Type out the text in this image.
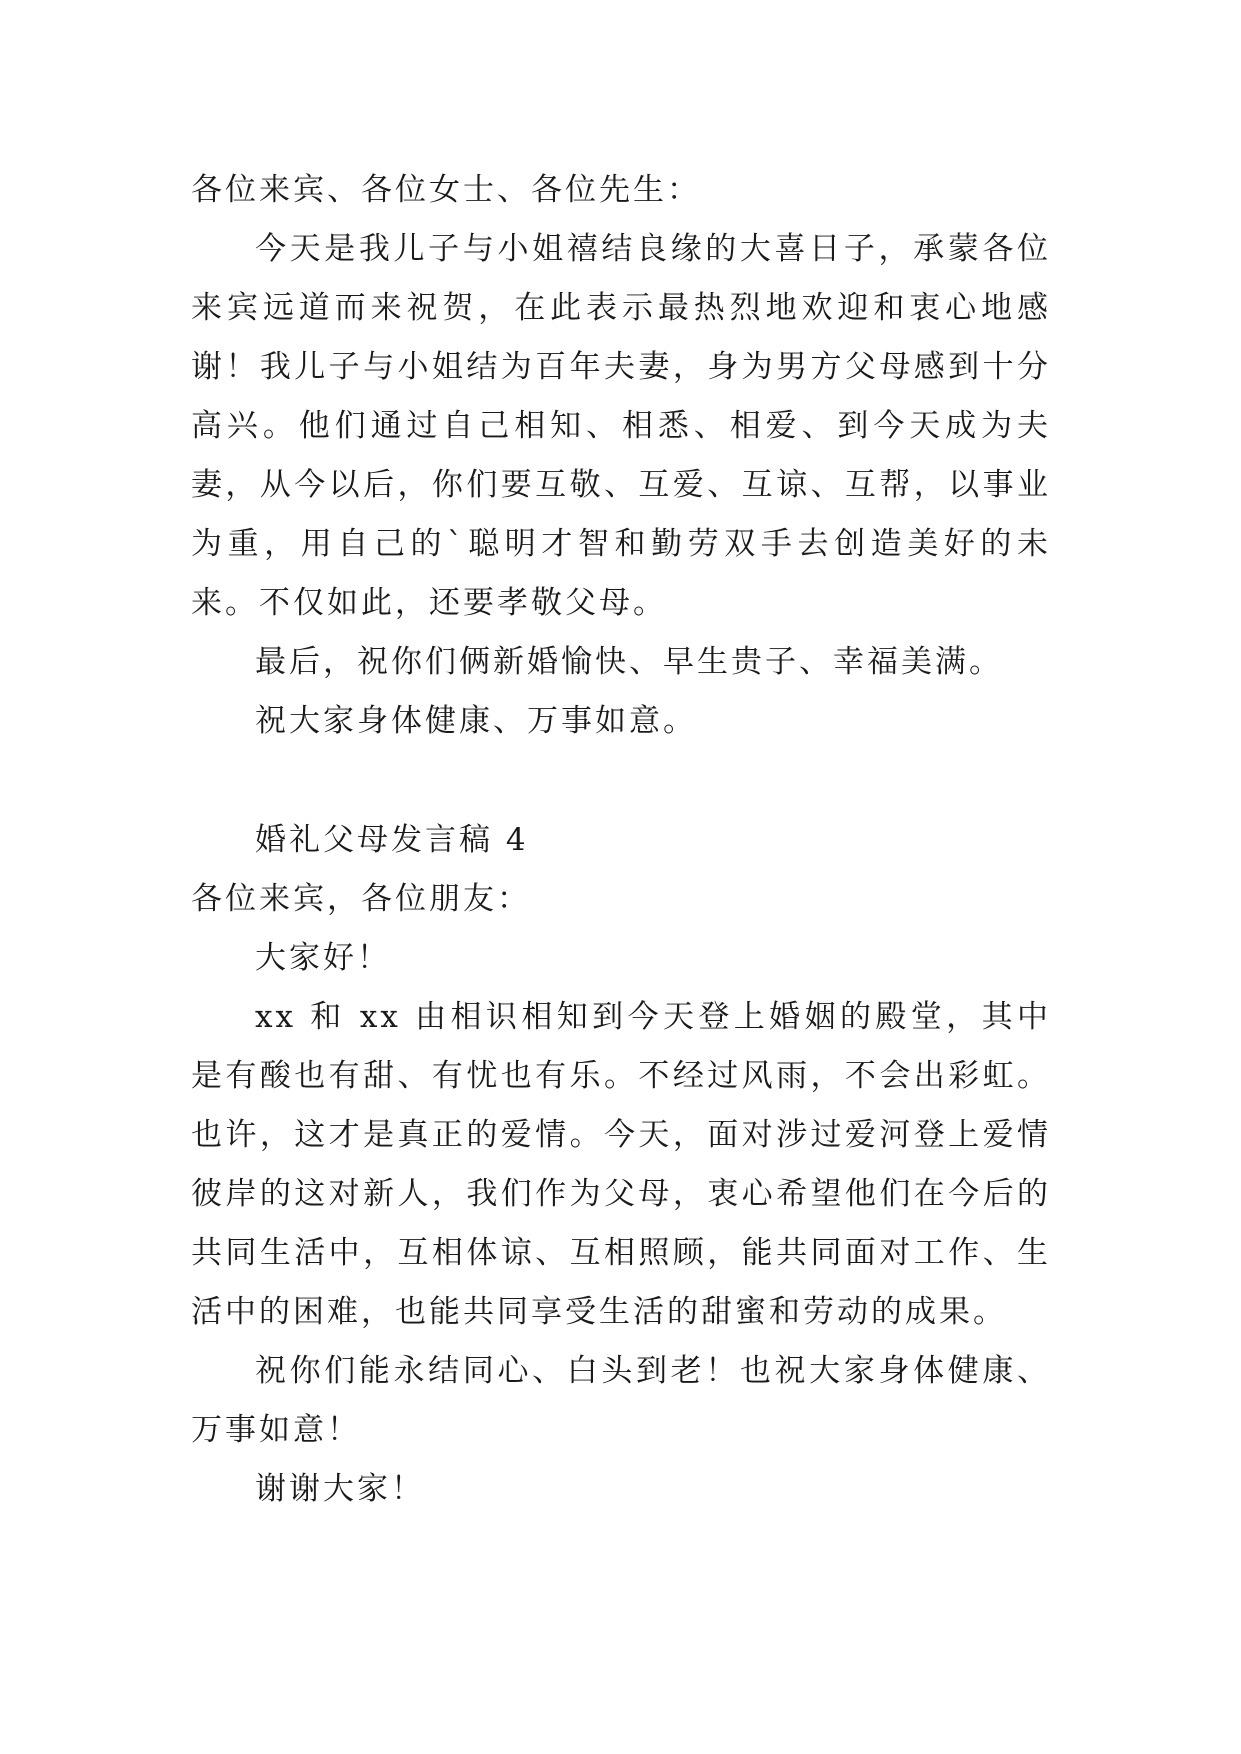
各位来宾、各位女士、各位先生：

今天是我儿子与小姐禧结良缘的大喜日子，承蒙各位来宾远道而来祝贺，在此表示最热烈地欢迎和衷心地感谢！我儿子与小姐结为百年夫妻，身为男方父母感到十分高兴。他们通过自己相知、相悉、相爱、到今天成为夫妻，从今以后，你们要互敬、互爱、互谅、互帮，以事业为重，用自己的`聪明才智和勤劳双手去创造美好的未来。不仅如此，还要孝敬父母。

最后，祝你们俩新婚愉快、早生贵子、幸福美满。

祝大家身体健康、万事如意。

婚礼父母发言稿 4

各位来宾，各位朋友：

大家好！

xx 和 xx 由相识相知到今天登上婚姻的殿堂，其中是有酸也有甜、有忧也有乐。不经过风雨，不会出彩虹。也许，这才是真正的爱情。今天，面对涉过爱河登上爱情彼岸的这对新人，我们作为父母，衷心希望他们在今后的共同生活中，互相体谅、互相照顾，能共同面对工作、生活中的困难，也能共同享受生活的甜蜜和劳动的成果。

祝你们能永结同心、白头到老！也祝大家身体健康、万事如意！

谢谢大家！
